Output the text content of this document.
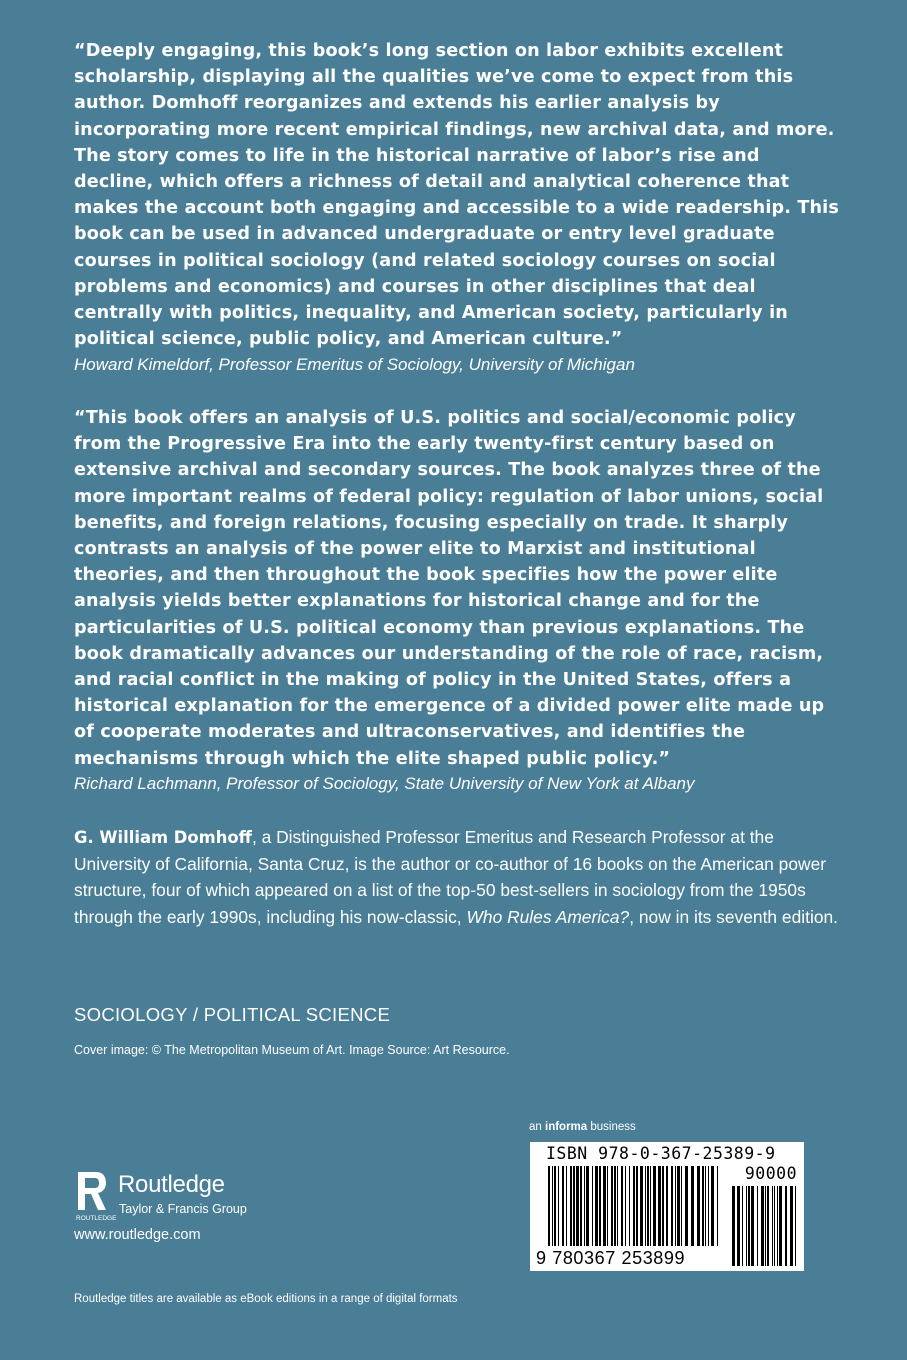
“Deeply engaging, this book’s long section on labor exhibits excellent scholarship, displaying all the qualities we’ve come to expect from this author. Domhoff reorganizes and extends his earlier analysis by incorporating more recent empirical findings, new archival data, and more. The story comes to life in the historical narrative of labor’s rise and decline, which offers a richness of detail and analytical coherence that makes the account both engaging and accessible to a wide readership. This book can be used in advanced undergraduate or entry level graduate courses in political sociology (and related sociology courses on social problems and economics) and courses in other disciplines that deal centrally with politics, inequality, and American society, particularly in political science, public policy, and American culture.”

Howard Kimeldorf, Professor Emeritus of Sociology, University of Michigan

“This book offers an analysis of U.S. politics and social/economic policy from the Progressive Era into the early twenty-first century based on extensive archival and secondary sources. The book analyzes three of the more important realms of federal policy: regulation of labor unions, social benefits, and foreign relations, focusing especially on trade. It sharply contrasts an analysis of the power elite to Marxist and institutional theories, and then throughout the book specifies how the power elite analysis yields better explanations for historical change and for the particularities of U.S. political economy than previous explanations. The book dramatically advances our understanding of the role of race, racism, and racial conflict in the making of policy in the United States, offers a historical explanation for the emergence of a divided power elite made up of cooperate moderates and ultraconservatives, and identifies the mechanisms through which the elite shaped public policy.”

Richard Lachmann, Professor of Sociology, State University of New York at Albany

G. William Domhoff, a Distinguished Professor Emeritus and Research Professor at the University of California, Santa Cruz, is the author or co-author of 16 books on the American power structure, four of which appeared on a list of the top-50 best-sellers in sociology from the 1950s through the early 1990s, including his now-classic, Who Rules America?, now in its seventh edition.

SOCIOLOGY / POLITICAL SCIENCE
Cover image: © The Metropolitan Museum of Art. Image Source: Art Resource.
an informa business
ISBN 978-0-367-25389-9
90000
9 780367 253899
ROUTLEDGE
Routledge
Taylor & Francis Group
www.routledge.com
Routledge titles are available as eBook editions in a range of digital formats
